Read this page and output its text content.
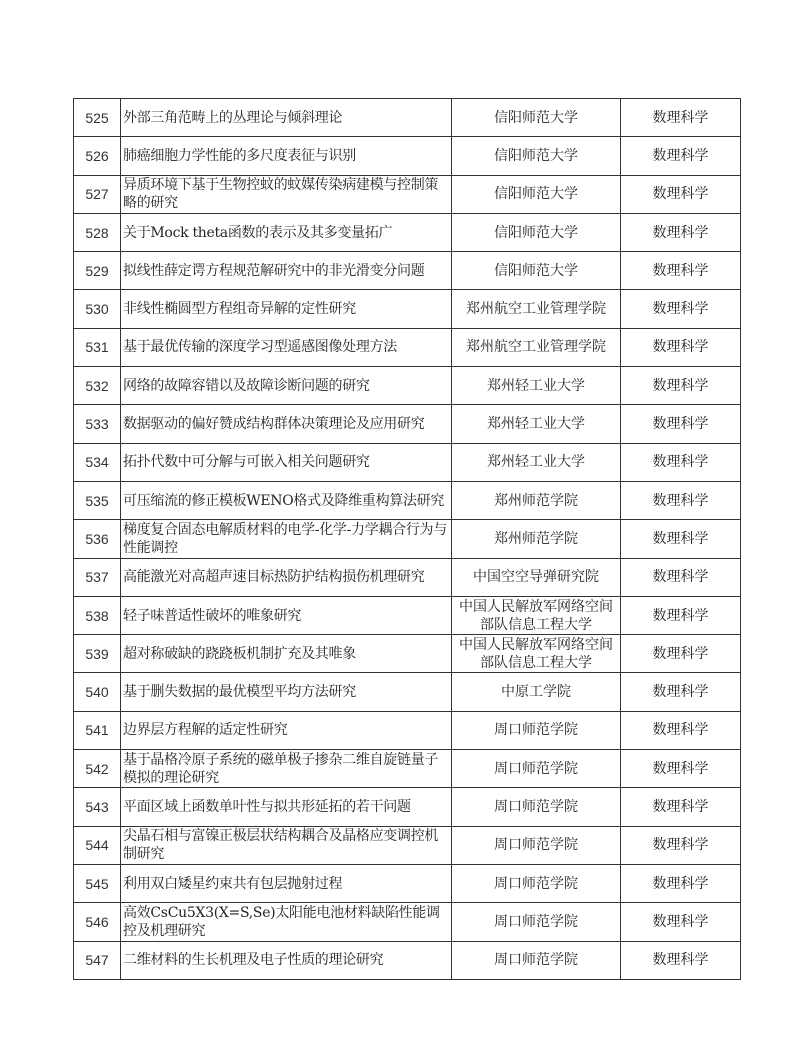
525	外部三角范畴上的丛理论与倾斜理论	信阳师范大学	数理科学
526	肺癌细胞力学性能的多尺度表征与识别	信阳师范大学	数理科学
527	异质环境下基于生物控蚊的蚊媒传染病建模与控制策略的研究	信阳师范大学	数理科学
528	关于Mock theta函数的表示及其多变量拓广	信阳师范大学	数理科学
529	拟线性薛定谔方程规范解研究中的非光滑变分问题	信阳师范大学	数理科学
530	非线性椭圆型方程组奇异解的定性研究	郑州航空工业管理学院	数理科学
531	基于最优传输的深度学习型遥感图像处理方法	郑州航空工业管理学院	数理科学
532	网络的故障容错以及故障诊断问题的研究	郑州轻工业大学	数理科学
533	数据驱动的偏好赞成结构群体决策理论及应用研究	郑州轻工业大学	数理科学
534	拓扑代数中可分解与可嵌入相关问题研究	郑州轻工业大学	数理科学
535	可压缩流的修正模板WENO格式及降维重构算法研究	郑州师范学院	数理科学
536	梯度复合固态电解质材料的电学-化学-力学耦合行为与性能调控	郑州师范学院	数理科学
537	高能激光对高超声速目标热防护结构损伤机理研究	中国空空导弹研究院	数理科学
538	轻子味普适性破坏的唯象研究	中国人民解放军网络空间部队信息工程大学	数理科学
539	超对称破缺的跷跷板机制扩充及其唯象	中国人民解放军网络空间部队信息工程大学	数理科学
540	基于删失数据的最优模型平均方法研究	中原工学院	数理科学
541	边界层方程解的适定性研究	周口师范学院	数理科学
542	基于晶格冷原子系统的磁单极子掺杂二维自旋链量子模拟的理论研究	周口师范学院	数理科学
543	平面区域上函数单叶性与拟共形延拓的若干问题	周口师范学院	数理科学
544	尖晶石相与富镍正极层状结构耦合及晶格应变调控机制研究	周口师范学院	数理科学
545	利用双白矮星约束共有包层抛射过程	周口师范学院	数理科学
546	高效CsCu5X3(X=S,Se)太阳能电池材料缺陷性能调控及机理研究	周口师范学院	数理科学
547	二维材料的生长机理及电子性质的理论研究	周口师范学院	数理科学
